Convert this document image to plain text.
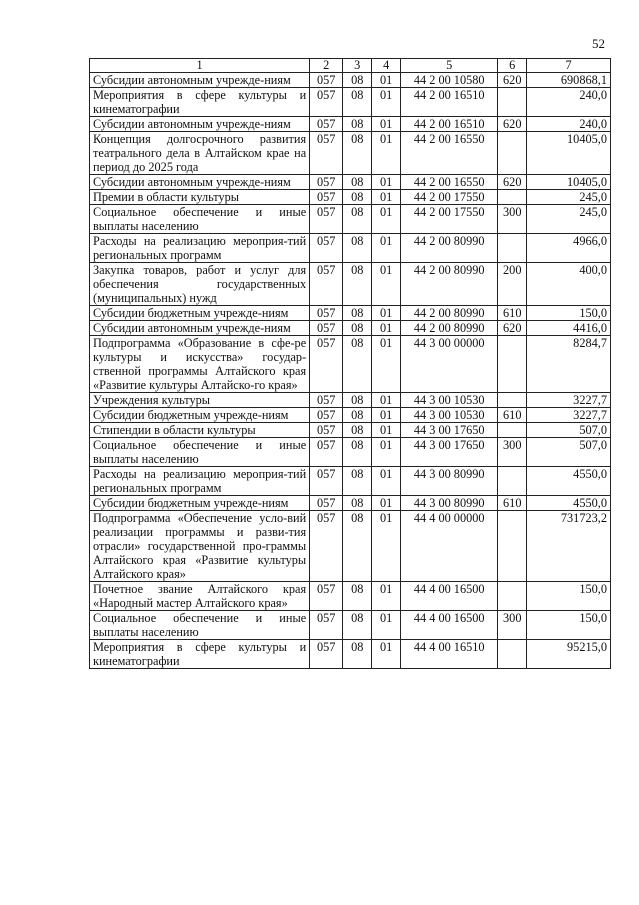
52
1	2	3	4	5	6	7
Субсидии автономным учрежде-ниям	057	08	01	44 2 00 10580	620	690868,1
Мероприятия в сфере культуры и кинематографии	057	08	01	44 2 00 16510		240,0
Субсидии автономным учрежде-ниям	057	08	01	44 2 00 16510	620	240,0
Концепция долгосрочного развития театрального дела в Алтайском крае на период до 2025 года	057	08	01	44 2 00 16550		10405,0
Субсидии автономным учрежде-ниям	057	08	01	44 2 00 16550	620	10405,0
Премии в области культуры	057	08	01	44 2 00 17550		245,0
Социальное обеспечение и иные выплаты населению	057	08	01	44 2 00 17550	300	245,0
Расходы на реализацию мероприя-тий региональных программ	057	08	01	44 2 00 80990		4966,0
Закупка товаров, работ и услуг для обеспечения государственных (муниципальных) нужд	057	08	01	44 2 00 80990	200	400,0
Субсидии бюджетным учрежде-ниям	057	08	01	44 2 00 80990	610	150,0
Субсидии автономным учрежде-ниям	057	08	01	44 2 00 80990	620	4416,0
Подпрограмма «Образование в сфе-ре культуры и искусства» государ-ственной программы Алтайского края «Развитие культуры Алтайско-го края»	057	08	01	44 3 00 00000		8284,7
Учреждения культуры	057	08	01	44 3 00 10530		3227,7
Субсидии бюджетным учрежде-ниям	057	08	01	44 3 00 10530	610	3227,7
Стипендии в области культуры	057	08	01	44 3 00 17650		507,0
Социальное обеспечение и иные выплаты населению	057	08	01	44 3 00 17650	300	507,0
Расходы на реализацию мероприя-тий региональных программ	057	08	01	44 3 00 80990		4550,0
Субсидии бюджетным учрежде-ниям	057	08	01	44 3 00 80990	610	4550,0
Подпрограмма «Обеспечение усло-вий реализации программы и разви-тия отрасли» государственной про-граммы Алтайского края «Развитие культуры Алтайского края»	057	08	01	44 4 00 00000		731723,2
Почетное звание Алтайского края «Народный мастер Алтайского края»	057	08	01	44 4 00 16500		150,0
Социальное обеспечение и иные выплаты населению	057	08	01	44 4 00 16500	300	150,0
Мероприятия в сфере культуры и кинематографии	057	08	01	44 4 00 16510		95215,0
